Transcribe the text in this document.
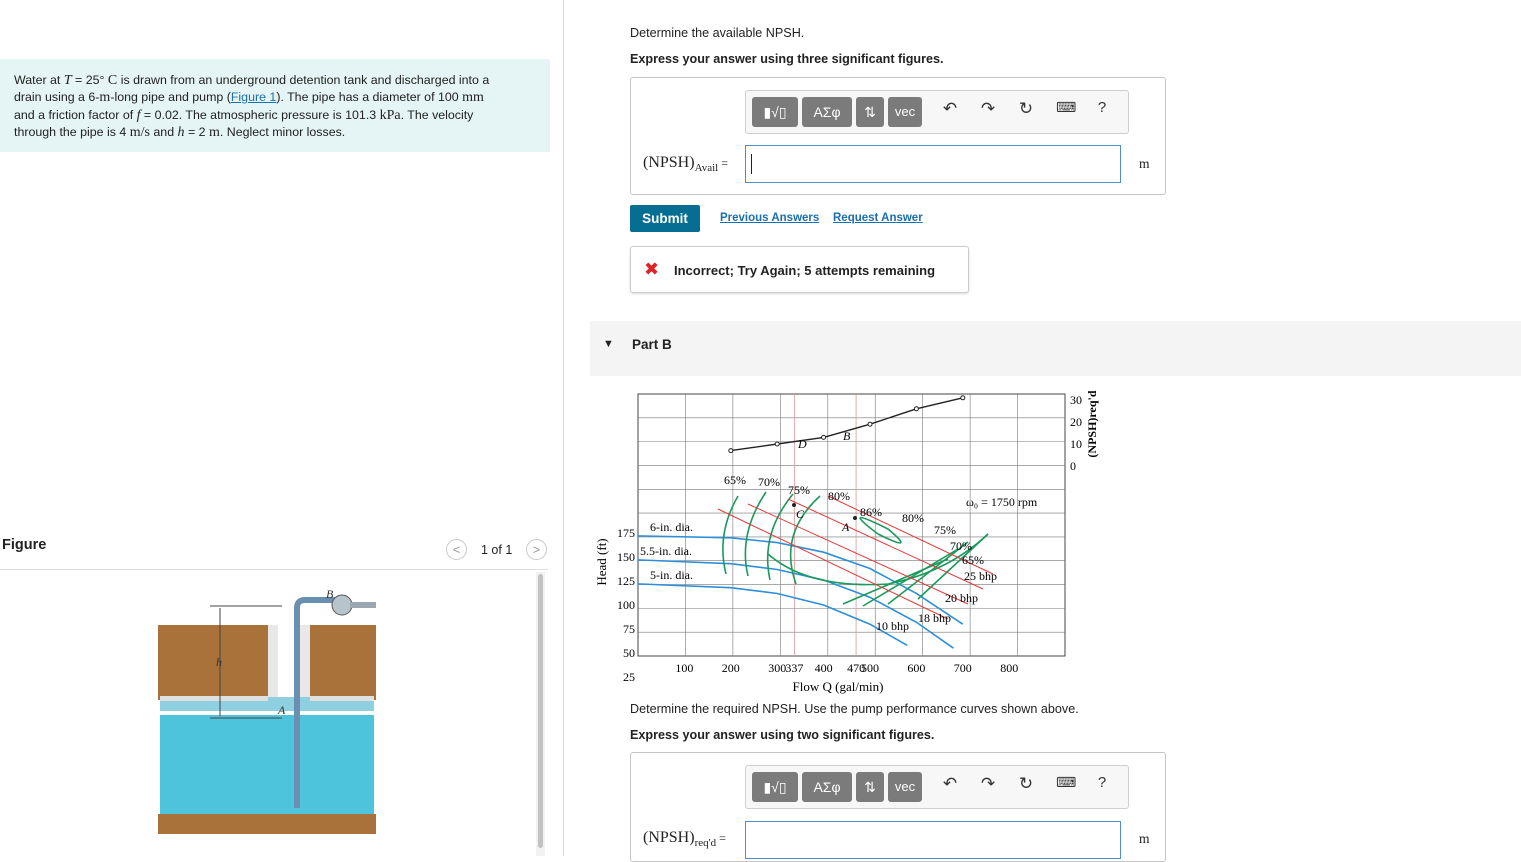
Water at T = 25° C is drawn from an underground detention tank and discharged into a
drain using a 6-m-long pipe and pump (Figure 1). The pipe has a diameter of 100 mm
and a friction factor of f = 0.02. The atmospheric pressure is 101.3 kPa. The velocity
through the pipe is 4 m/s and h = 2 m. Neglect minor losses.
Figure	<	1 of 1	>
h
B
A
Determine the available NPSH.
Express your answer using three significant figures.
▮√▯	ΑΣφ	⇅	vec	↶ ↷ ↻ ⌨	?
$(NPSH)_{Avail}$ =	m
Submit	Previous Answers Request Answer
✖ Incorrect; Try Again; 5 attempts remaining
▼ Part B
100 200 300 337 400 470
500 600 700 800
175
150
125
100
75
50
25
30
20
10
0
Flow Q (gal/min)
Head (ft)
(NPSH)req'd
6-in. dia.
5.5-in. dia.
5-in. dia.
65% 70%
75% 80%
86% 80%
75%
70%
65%
25 bhp
20 bhp
18 bhp
10 bhp
ω₀ = 1750 rpm
D
B
C
A
Determine the required NPSH. Use the pump performance curves shown above.
Express your answer using two significant figures.
▮√▯	ΑΣφ	⇅	vec	↶ ↷ ↻ ⌨	?
$(NPSH)_{req'd}$ =	m
